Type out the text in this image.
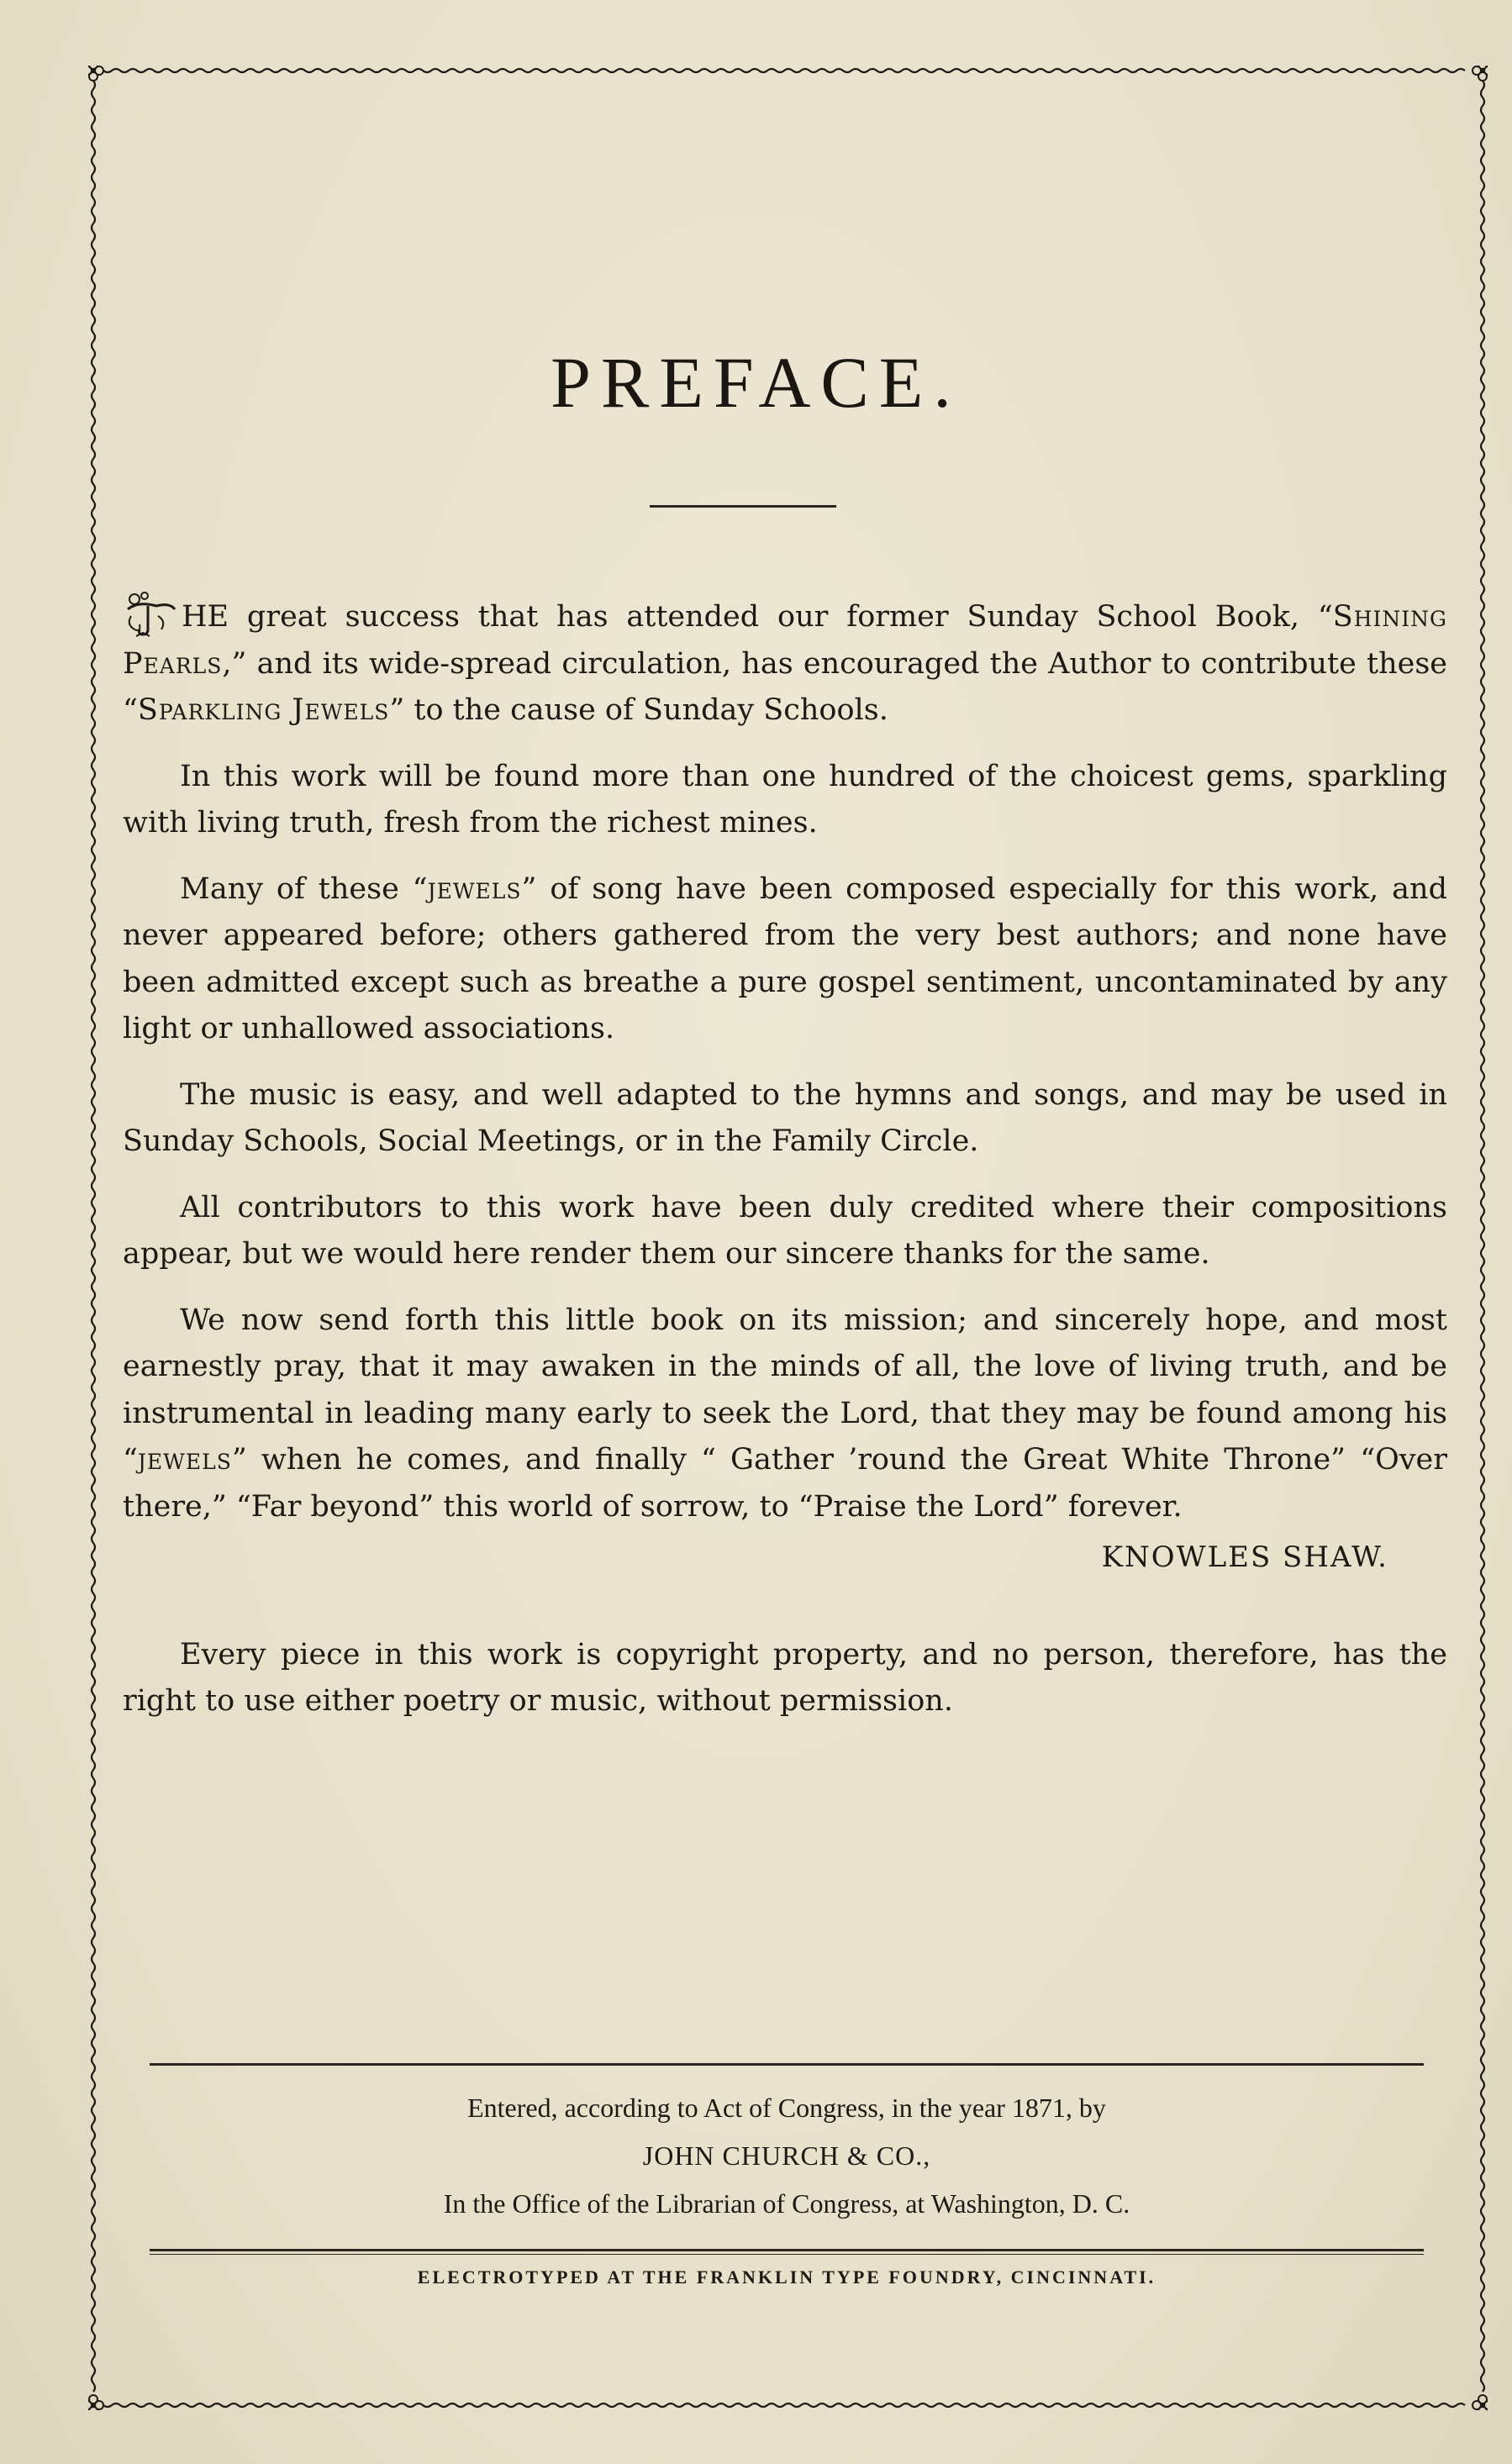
PREFACE.

HE great success that has attended our former Sunday School Book, “Shining Pearls,” and its wide-spread circulation, has encouraged the Author to contribute these “Sparkling Jewels” to the cause of Sunday Schools.

In this work will be found more than one hundred of the choicest gems, sparkling with living truth, fresh from the richest mines.

Many of these “jewels” of song have been composed especially for this work, and never appeared before; others gathered from the very best authors; and none have been admitted except such as breathe a pure gospel sentiment, uncontaminated by any light or unhallowed associations.

The music is easy, and well adapted to the hymns and songs, and may be used in Sunday Schools, Social Meetings, or in the Family Circle.

All contributors to this work have been duly credited where their compositions appear, but we would here render them our sincere thanks for the same.

We now send forth this little book on its mission; and sincerely hope, and most earnestly pray, that it may awaken in the minds of all, the love of living truth, and be instrumental in leading many early to seek the Lord, that they may be found among his “jewels” when he comes, and finally “ Gather ’round the Great White Throne” “Over there,” “Far beyond” this world of sorrow, to “Praise the Lord” forever.

KNOWLES SHAW.

Every piece in this work is copyright property, and no person, therefore, has the right to use either poetry or music, without permission.

Entered, according to Act of Congress, in the year 1871, by
JOHN CHURCH & CO.,
In the Office of the Librarian of Congress, at Washington, D. C.
ELECTROTYPED AT THE FRANKLIN TYPE FOUNDRY, CINCINNATI.
